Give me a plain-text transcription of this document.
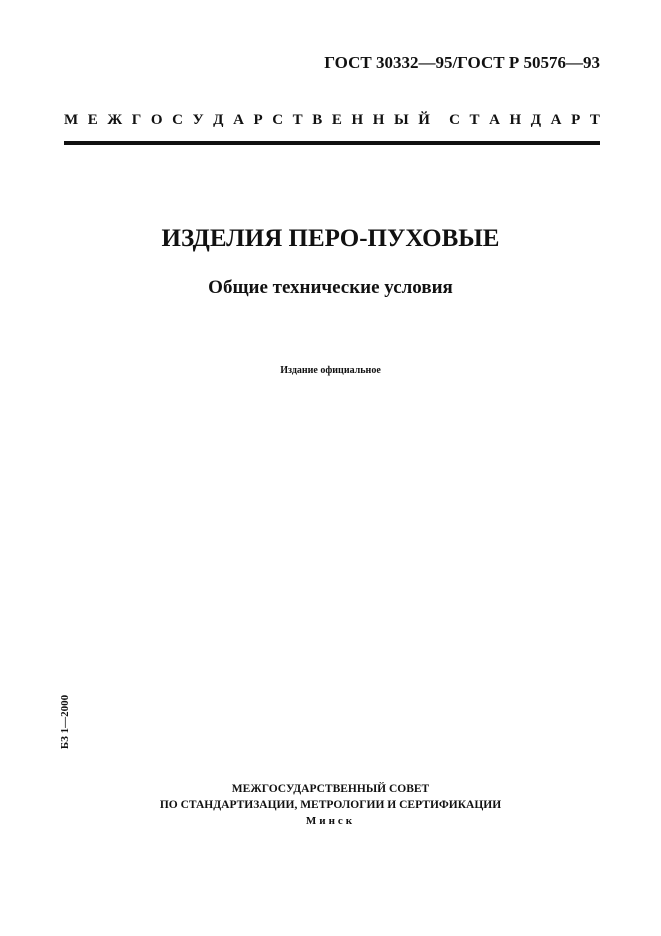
ГОСТ 30332—95/ГОСТ Р 50576—93
М Е Ж Г О С У Д А Р С Т В Е Н Н Ы Й С Т А Н Д А Р Т
ИЗДЕЛИЯ ПЕРО-ПУХОВЫЕ
Общие технические условия
Издание официальное
БЗ 1—2000
МЕЖГОСУДАРСТВЕННЫЙ СОВЕТ
ПО СТАНДАРТИЗАЦИИ, МЕТРОЛОГИИ И СЕРТИФИКАЦИИ
Минск
